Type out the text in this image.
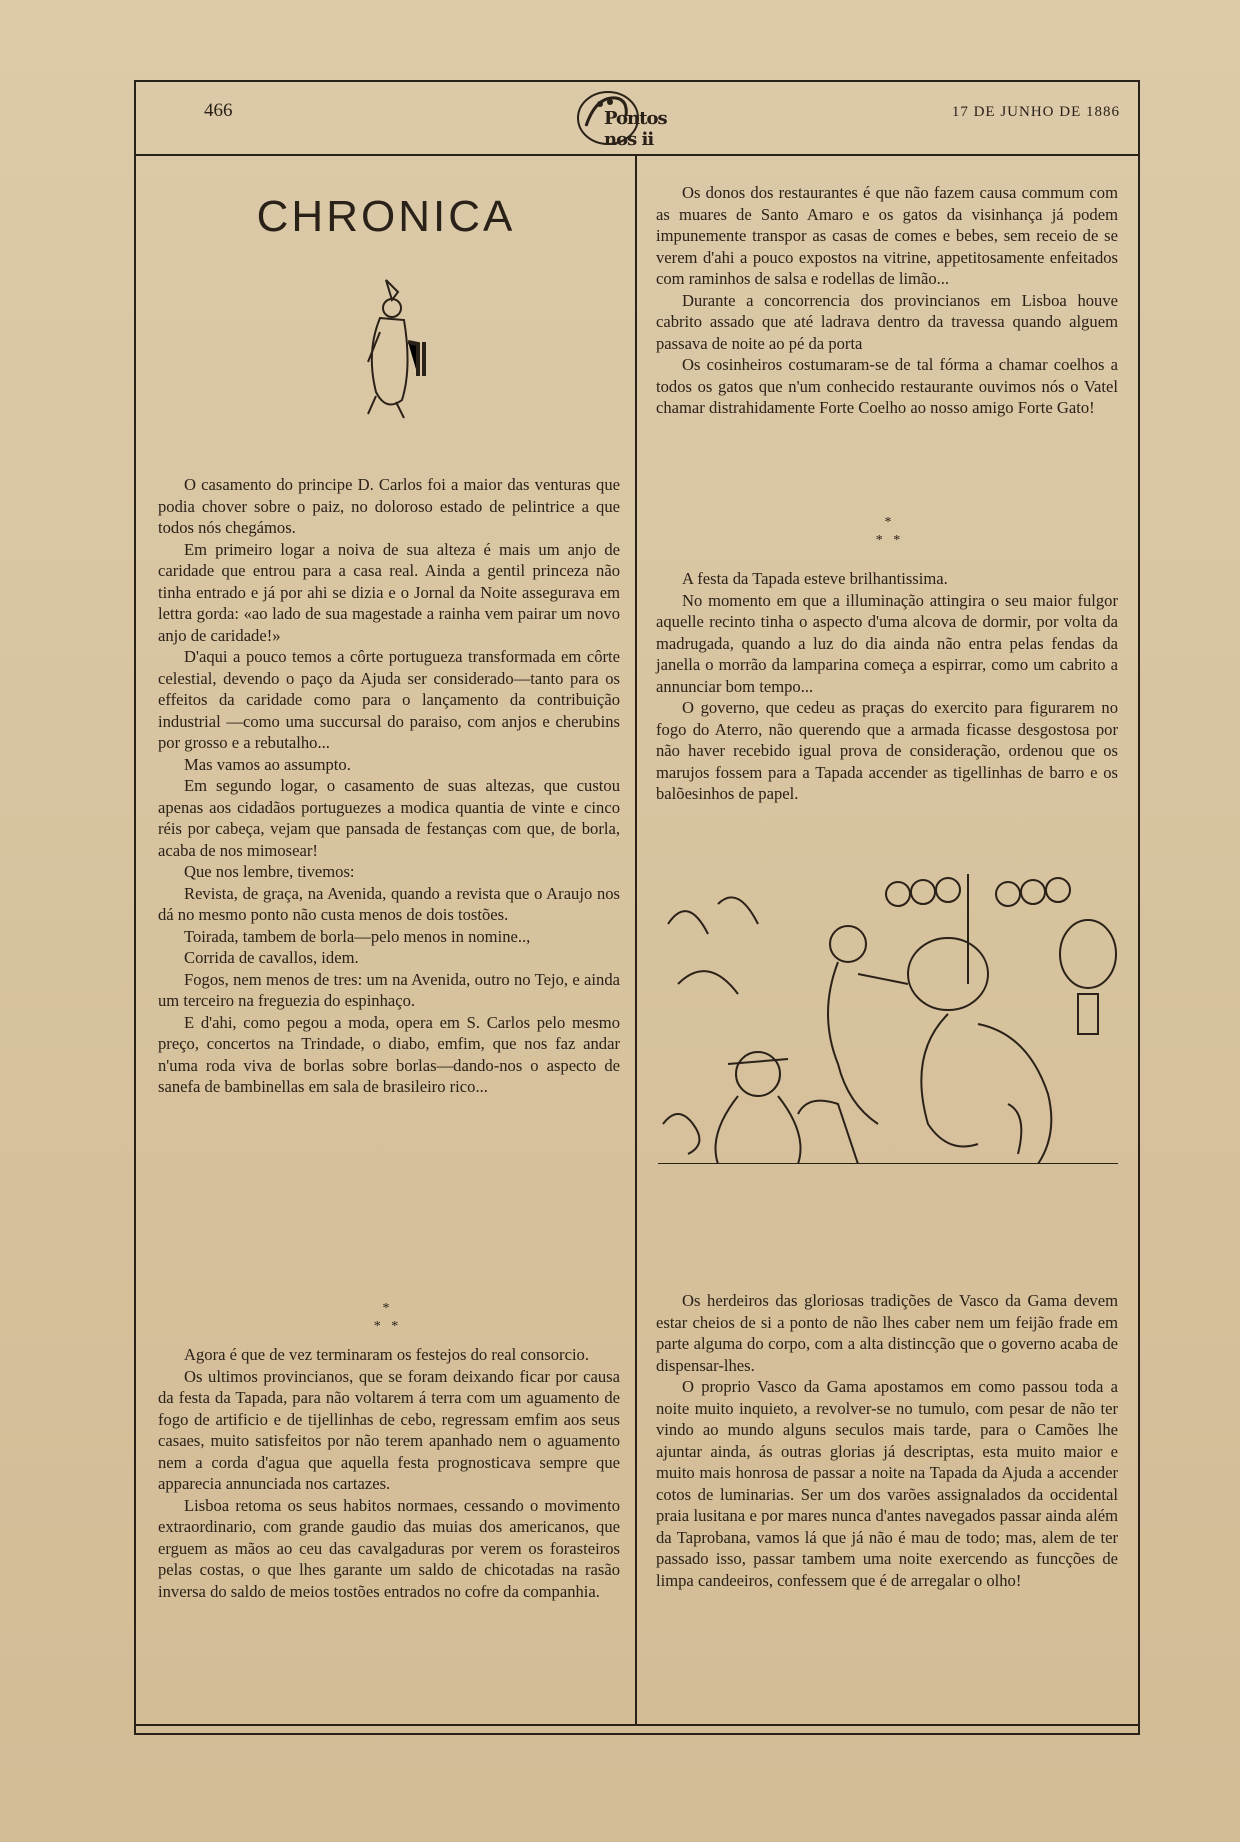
466	Pontos nos ii
17 DE JUNHO DE 1886
CHRONICA

O casamento do principe D. Carlos foi a maior das venturas que podia chover sobre o paiz, no doloroso estado de pelintrice a que todos nós chegámos.

Em primeiro logar a noiva de sua alteza é mais um anjo de caridade que entrou para a casa real. Ainda a gentil princeza não tinha entrado e já por ahi se dizia e o Jornal da Noite assegurava em lettra gorda: «ao lado de sua magestade a rainha vem pairar um novo anjo de caridade!»

D'aqui a pouco temos a côrte portugueza transformada em côrte celestial, devendo o paço da Ajuda ser considerado—tanto para os effeitos da caridade como para o lançamento da contribuição industrial —como uma succursal do paraiso, com anjos e cherubins por grosso e a rebutalho...

Mas vamos ao assumpto.

Em segundo logar, o casamento de suas altezas, que custou apenas aos cidadãos portuguezes a modica quantia de vinte e cinco réis por cabeça, vejam que pansada de festanças com que, de borla, acaba de nos mimosear!

Que nos lembre, tivemos:

Revista, de graça, na Avenida, quando a revista que o Araujo nos dá no mesmo ponto não custa menos de dois tostões.

Toirada, tambem de borla—pelo menos in nomine..,

Corrida de cavallos, idem.

Fogos, nem menos de tres: um na Avenida, outro no Tejo, e ainda um terceiro na freguezia do espinhaço.

E d'ahi, como pegou a moda, opera em S. Carlos pelo mesmo preço, concertos na Trindade, o diabo, emfim, que nos faz andar n'uma roda viva de borlas sobre borlas—dando-nos o aspecto de sanefa de bambinellas em sala de brasileiro rico...

*
*   *

Agora é que de vez terminaram os festejos do real consorcio.

Os ultimos provincianos, que se foram deixando ficar por causa da festa da Tapada, para não voltarem á terra com um aguamento de fogo de artificio e de tijellinhas de cebo, regressam emfim aos seus casaes, muito satisfeitos por não terem apanhado nem o aguamento nem a corda d'agua que aquella festa prognosticava sempre que apparecia annunciada nos cartazes.

Lisboa retoma os seus habitos normaes, cessando o movimento extraordinario, com grande gaudio das muias dos americanos, que erguem as mãos ao ceu das cavalgaduras por verem os forasteiros pelas costas, o que lhes garante um saldo de chicotadas na rasão inversa do saldo de meios tostões entrados no cofre da companhia.

Os donos dos restaurantes é que não fazem causa commum com as muares de Santo Amaro e os gatos da visinhança já podem impunemente transpor as casas de comes e bebes, sem receio de se verem d'ahi a pouco expostos na vitrine, appetitosamente enfeitados com raminhos de salsa e rodellas de limão...

Durante a concorrencia dos provincianos em Lisboa houve cabrito assado que até ladrava dentro da travessa quando alguem passava de noite ao pé da porta

Os cosinheiros costumaram-se de tal fórma a chamar coelhos a todos os gatos que n'um conhecido restaurante ouvimos nós o Vatel chamar distrahidamente Forte Coelho ao nosso amigo Forte Gato!

*
*   *

A festa da Tapada esteve brilhantissima.

No momento em que a illuminação attingira o seu maior fulgor aquelle recinto tinha o aspecto d'uma alcova de dormir, por volta da madrugada, quando a luz do dia ainda não entra pelas fendas da janella o morrão da lamparina começa a espirrar, como um cabrito a annunciar bom tempo...

O governo, que cedeu as praças do exercito para figurarem no fogo do Aterro, não querendo que a armada ficasse desgostosa por não haver recebido igual prova de consideração, ordenou que os marujos fossem para a Tapada accender as tigellinhas de barro e os balõesinhos de papel.

Os herdeiros das gloriosas tradições de Vasco da Gama devem estar cheios de si a ponto de não lhes caber nem um feijão frade em parte alguma do corpo, com a alta distincção que o governo acaba de dispensar-lhes.

O proprio Vasco da Gama apostamos em como passou toda a noite muito inquieto, a revolver-se no tumulo, com pesar de não ter vindo ao mundo alguns seculos mais tarde, para o Camões lhe ajuntar ainda, ás outras glorias já descriptas, esta muito maior e muito mais honrosa de passar a noite na Tapada da Ajuda a accender cotos de luminarias. Ser um dos varões assignalados da occidental praia lusitana e por mares nunca d'antes navegados passar ainda além da Taprobana, vamos lá que já não é mau de todo; mas, alem de ter passado isso, passar tambem uma noite exercendo as funcções de limpa candeeiros, confessem que é de arregalar o olho!
